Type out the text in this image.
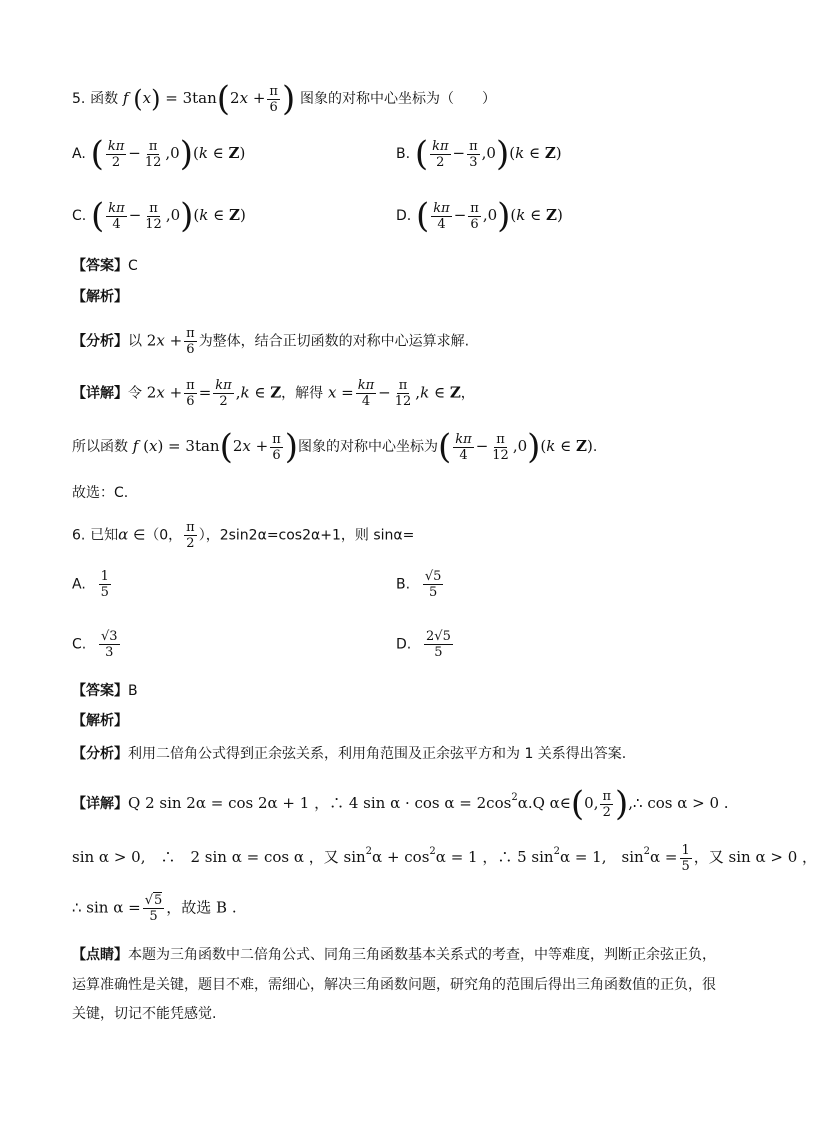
5. 函数 f $(x) = 3\tan(2x + \frac{\pi}{6}$ ) 图象的对称中心坐标为（　　）
A. ( $\frac{k\pi}{2} - \frac{\pi}{12} ,0)(k$ ∈ Z)	B. ( $\frac{k\pi}{2} - \frac{\pi}{3} ,0)(k$ ∈ Z)
C. ( $\frac{k\pi}{4} - \frac{\pi}{12} ,0)(k$ ∈ Z)	D. ( $\frac{k\pi}{4} - \frac{\pi}{6} ,0)(k$ ∈ Z)
【答案】C
【解析】
【分析】以 $2x + \frac{\pi}{6}$ 为整体，结合正切函数的对称中心运算求解.
【详解】令 $2x + \frac{\pi}{6} = \frac{k\pi}{2} ,k$ ∈ Z，解得 $x = \frac{k\pi}{4} - \frac{\pi}{12} ,k$ ∈ Z，
所以函数 f $(x) = 3\tan(2x + \frac{\pi}{6}$ )图象的对称中心坐标为( $\frac{k\pi}{4} - \frac{\pi}{12} ,0)(k$ ∈ Z).
故选：C.
6. 已知α ∈（0， $\frac{\pi}{2}$ ），2sin2α=cos2α+1，则 sinα=
A. $\frac{1}{5}$	B. $\frac{√5}{5}$
C. $\frac{√3}{3}$	D. $\frac{2√5}{5}$
【答案】B
【解析】
【分析】利用二倍角公式得到正余弦关系，利用角范围及正余弦平方和为 1 关系得出答案.
【详解】Q 2 sin 2α = cos 2α + 1 ，∴ 4 $\sin \alpha \cdot \cos \alpha = 2\cos^2\alpha.Q$ α∈(0, $\frac{\pi}{2}$ ),∴ cos α > 0 .
sin α > 0,　∴　2 sin α = cos α ，又 $\sin^2\alpha + \cos^2\alpha = 1$ ，∴ 5 $\sin^2\alpha = 1$,　$\sin^2\alpha = \frac{1}{5}$ ，又 sin α > 0 ，
∴ $\sin \alpha = \frac{√5}{5}$ ，故选 B .
【点睛】本题为三角函数中二倍角公式、同角三角函数基本关系式的考查，中等难度，判断正余弦正负，
运算准确性是关键，题目不难，需细心，解决三角函数问题，研究角的范围后得出三角函数值的正负，很
关键，切记不能凭感觉.
